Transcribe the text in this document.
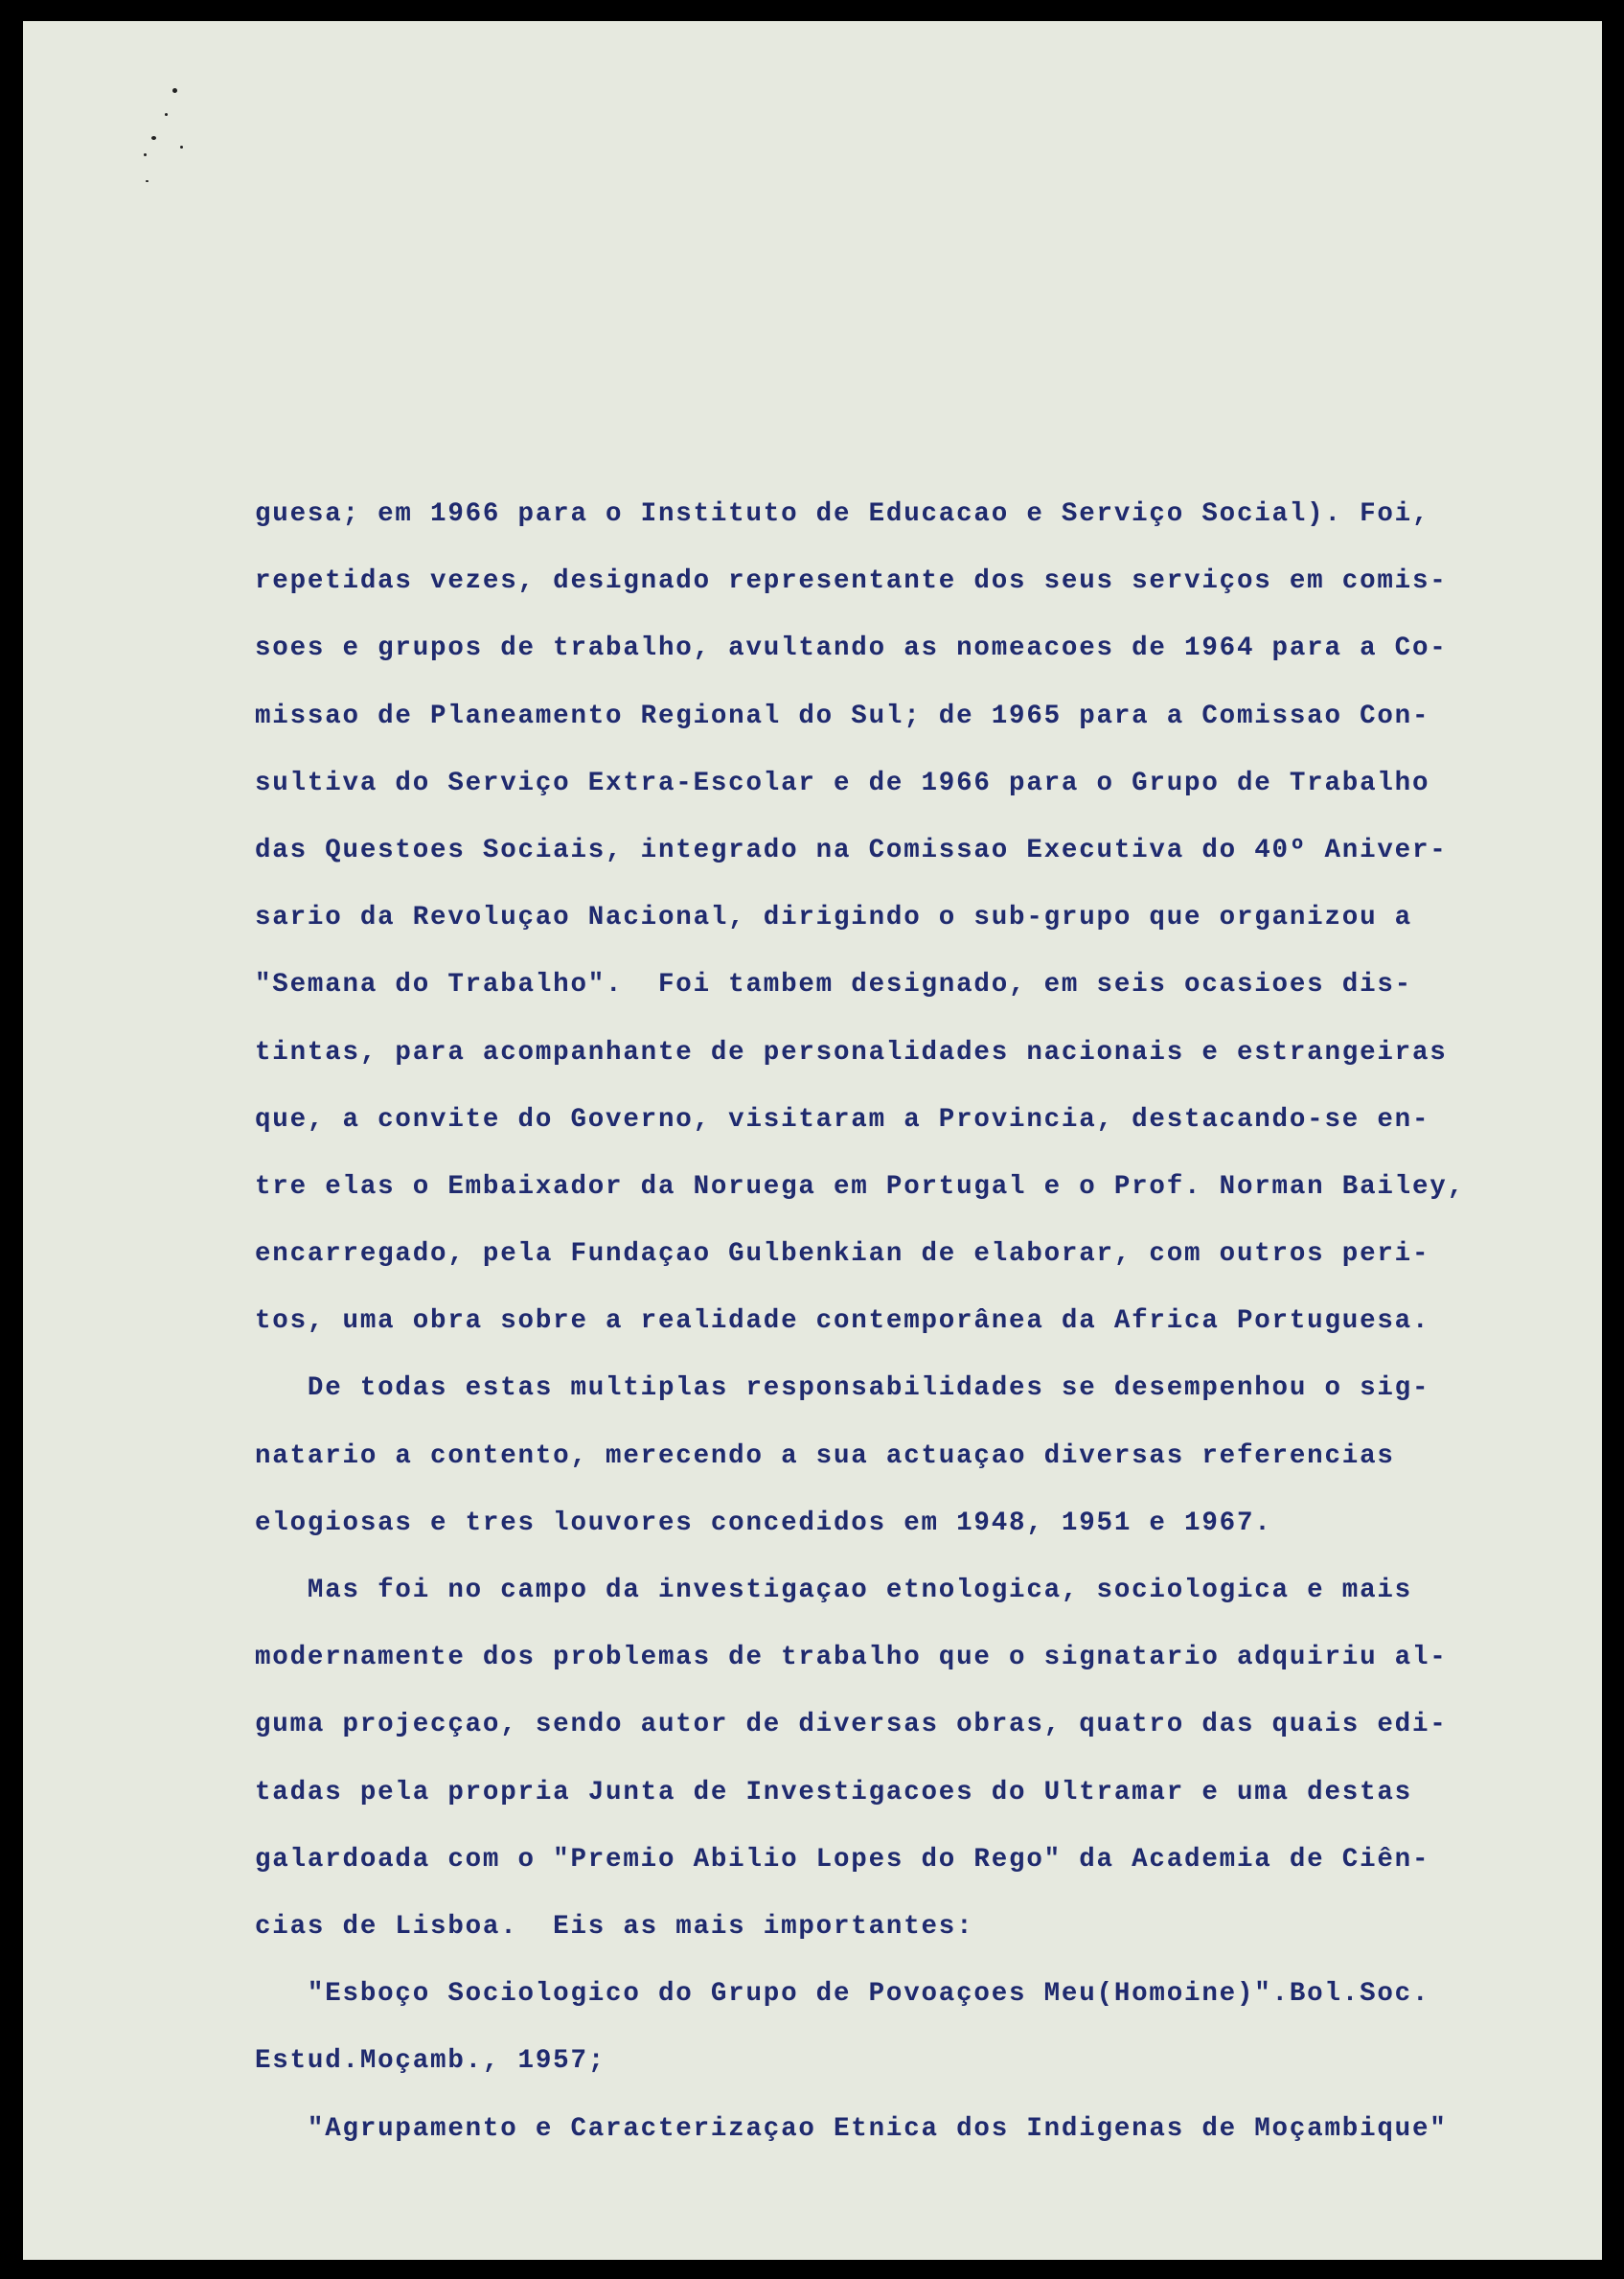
guesa; em 1966 para o Instituto de Educacao e Serviço Social). Foi,
repetidas vezes, designado representante dos seus serviços em comis-
soes e grupos de trabalho, avultando as nomeacoes de 1964 para a Co-
missao de Planeamento Regional do Sul; de 1965 para a Comissao Con-
sultiva do Serviço Extra-Escolar e de 1966 para o Grupo de Trabalho
das Questoes Sociais, integrado na Comissao Executiva do 40º Aniver-
sario da Revoluçao Nacional, dirigindo o sub-grupo que organizou a
"Semana do Trabalho".  Foi tambem designado, em seis ocasioes dis-
tintas, para acompanhante de personalidades nacionais e estrangeiras
que, a convite do Governo, visitaram a Provincia, destacando-se en-
tre elas o Embaixador da Noruega em Portugal e o Prof. Norman Bailey,
encarregado, pela Fundaçao Gulbenkian de elaborar, com outros peri-
tos, uma obra sobre a realidade contemporânea da Africa Portuguesa.
De todas estas multiplas responsabilidades se desempenhou o sig-
natario a contento, merecendo a sua actuaçao diversas referencias
elogiosas e tres louvores concedidos em 1948, 1951 e 1967.
Mas foi no campo da investigaçao etnologica, sociologica e mais
modernamente dos problemas de trabalho que o signatario adquiriu al-
guma projecçao, sendo autor de diversas obras, quatro das quais edi-
tadas pela propria Junta de Investigacoes do Ultramar e uma destas
galardoada com o "Premio Abilio Lopes do Rego" da Academia de Ciên-
cias de Lisboa.  Eis as mais importantes:
"Esboço Sociologico do Grupo de Povoaçoes Meu(Homoine)".Bol.Soc.
Estud.Moçamb., 1957;
"Agrupamento e Caracterizaçao Etnica dos Indigenas de Moçambique"
